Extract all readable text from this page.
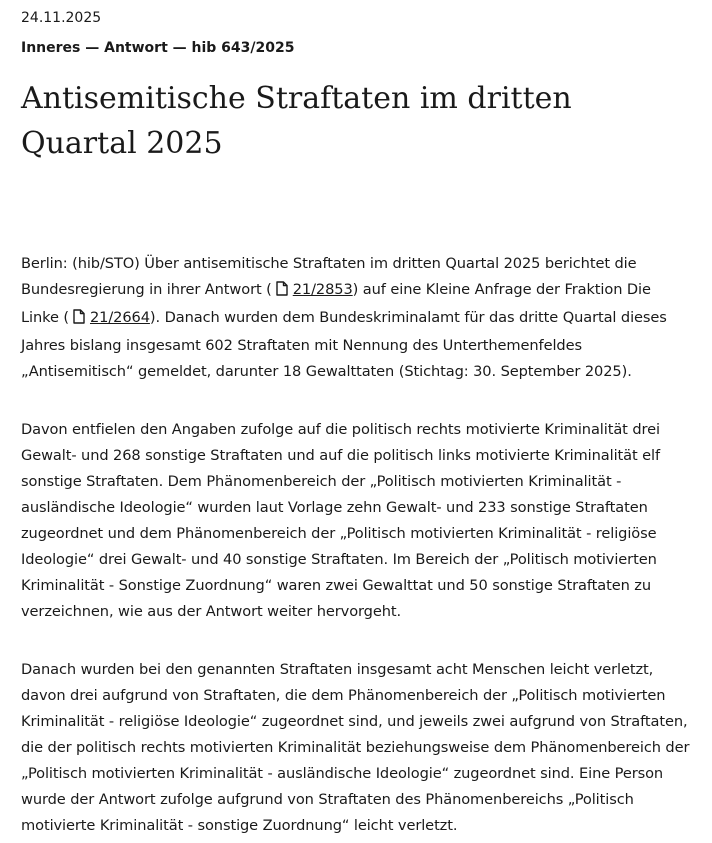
24.11.2025
Inneres — Antwort — hib 643/2025
Antisemitische Straftaten im dritten Quartal 2025

Berlin: (hib/STO) Über antisemitische Straftaten im dritten Quartal 2025 berichtet die Bundesregierung in ihrer Antwort ( 21/2853) auf eine Kleine Anfrage der Fraktion Die Linke ( 21/2664). Danach wurden dem Bundeskriminalamt für das dritte Quartal dieses Jahres bislang insgesamt 602 Straftaten mit Nennung des Unterthemenfeldes „Antisemitisch“ gemeldet, darunter 18 Gewalttaten (Stichtag: 30. September 2025).

Davon entfielen den Angaben zufolge auf die politisch rechts motivierte Kriminalität drei Gewalt- und 268 sonstige Straftaten und auf die politisch links motivierte Kriminalität elf sonstige Straftaten. Dem Phänomenbereich der „Politisch motivierten Kriminalität - ausländische Ideologie“ wurden laut Vorlage zehn Gewalt- und 233 sonstige Straftaten zugeordnet und dem Phänomenbereich der „Politisch motivierten Kriminalität - religiöse Ideologie“ drei Gewalt- und 40 sonstige Straftaten. Im Bereich der „Politisch motivierten Kriminalität - Sonstige Zuordnung“ waren zwei Gewalttat und 50 sonstige Straftaten zu verzeichnen, wie aus der Antwort weiter hervorgeht.

Danach wurden bei den genannten Straftaten insgesamt acht Menschen leicht verletzt, davon drei aufgrund von Straftaten, die dem Phänomenbereich der „Politisch motivierten Kriminalität - religiöse Ideologie“ zugeordnet sind, und jeweils zwei aufgrund von Straftaten, die der politisch rechts motivierten Kriminalität beziehungsweise dem Phänomenbereich der „Politisch motivierten Kriminalität - ausländische Ideologie“ zugeordnet sind. Eine Person wurde der Antwort zufolge aufgrund von Straftaten des Phänomenbereichs „Politisch motivierte Kriminalität - sonstige Zuordnung“ leicht verletzt.
